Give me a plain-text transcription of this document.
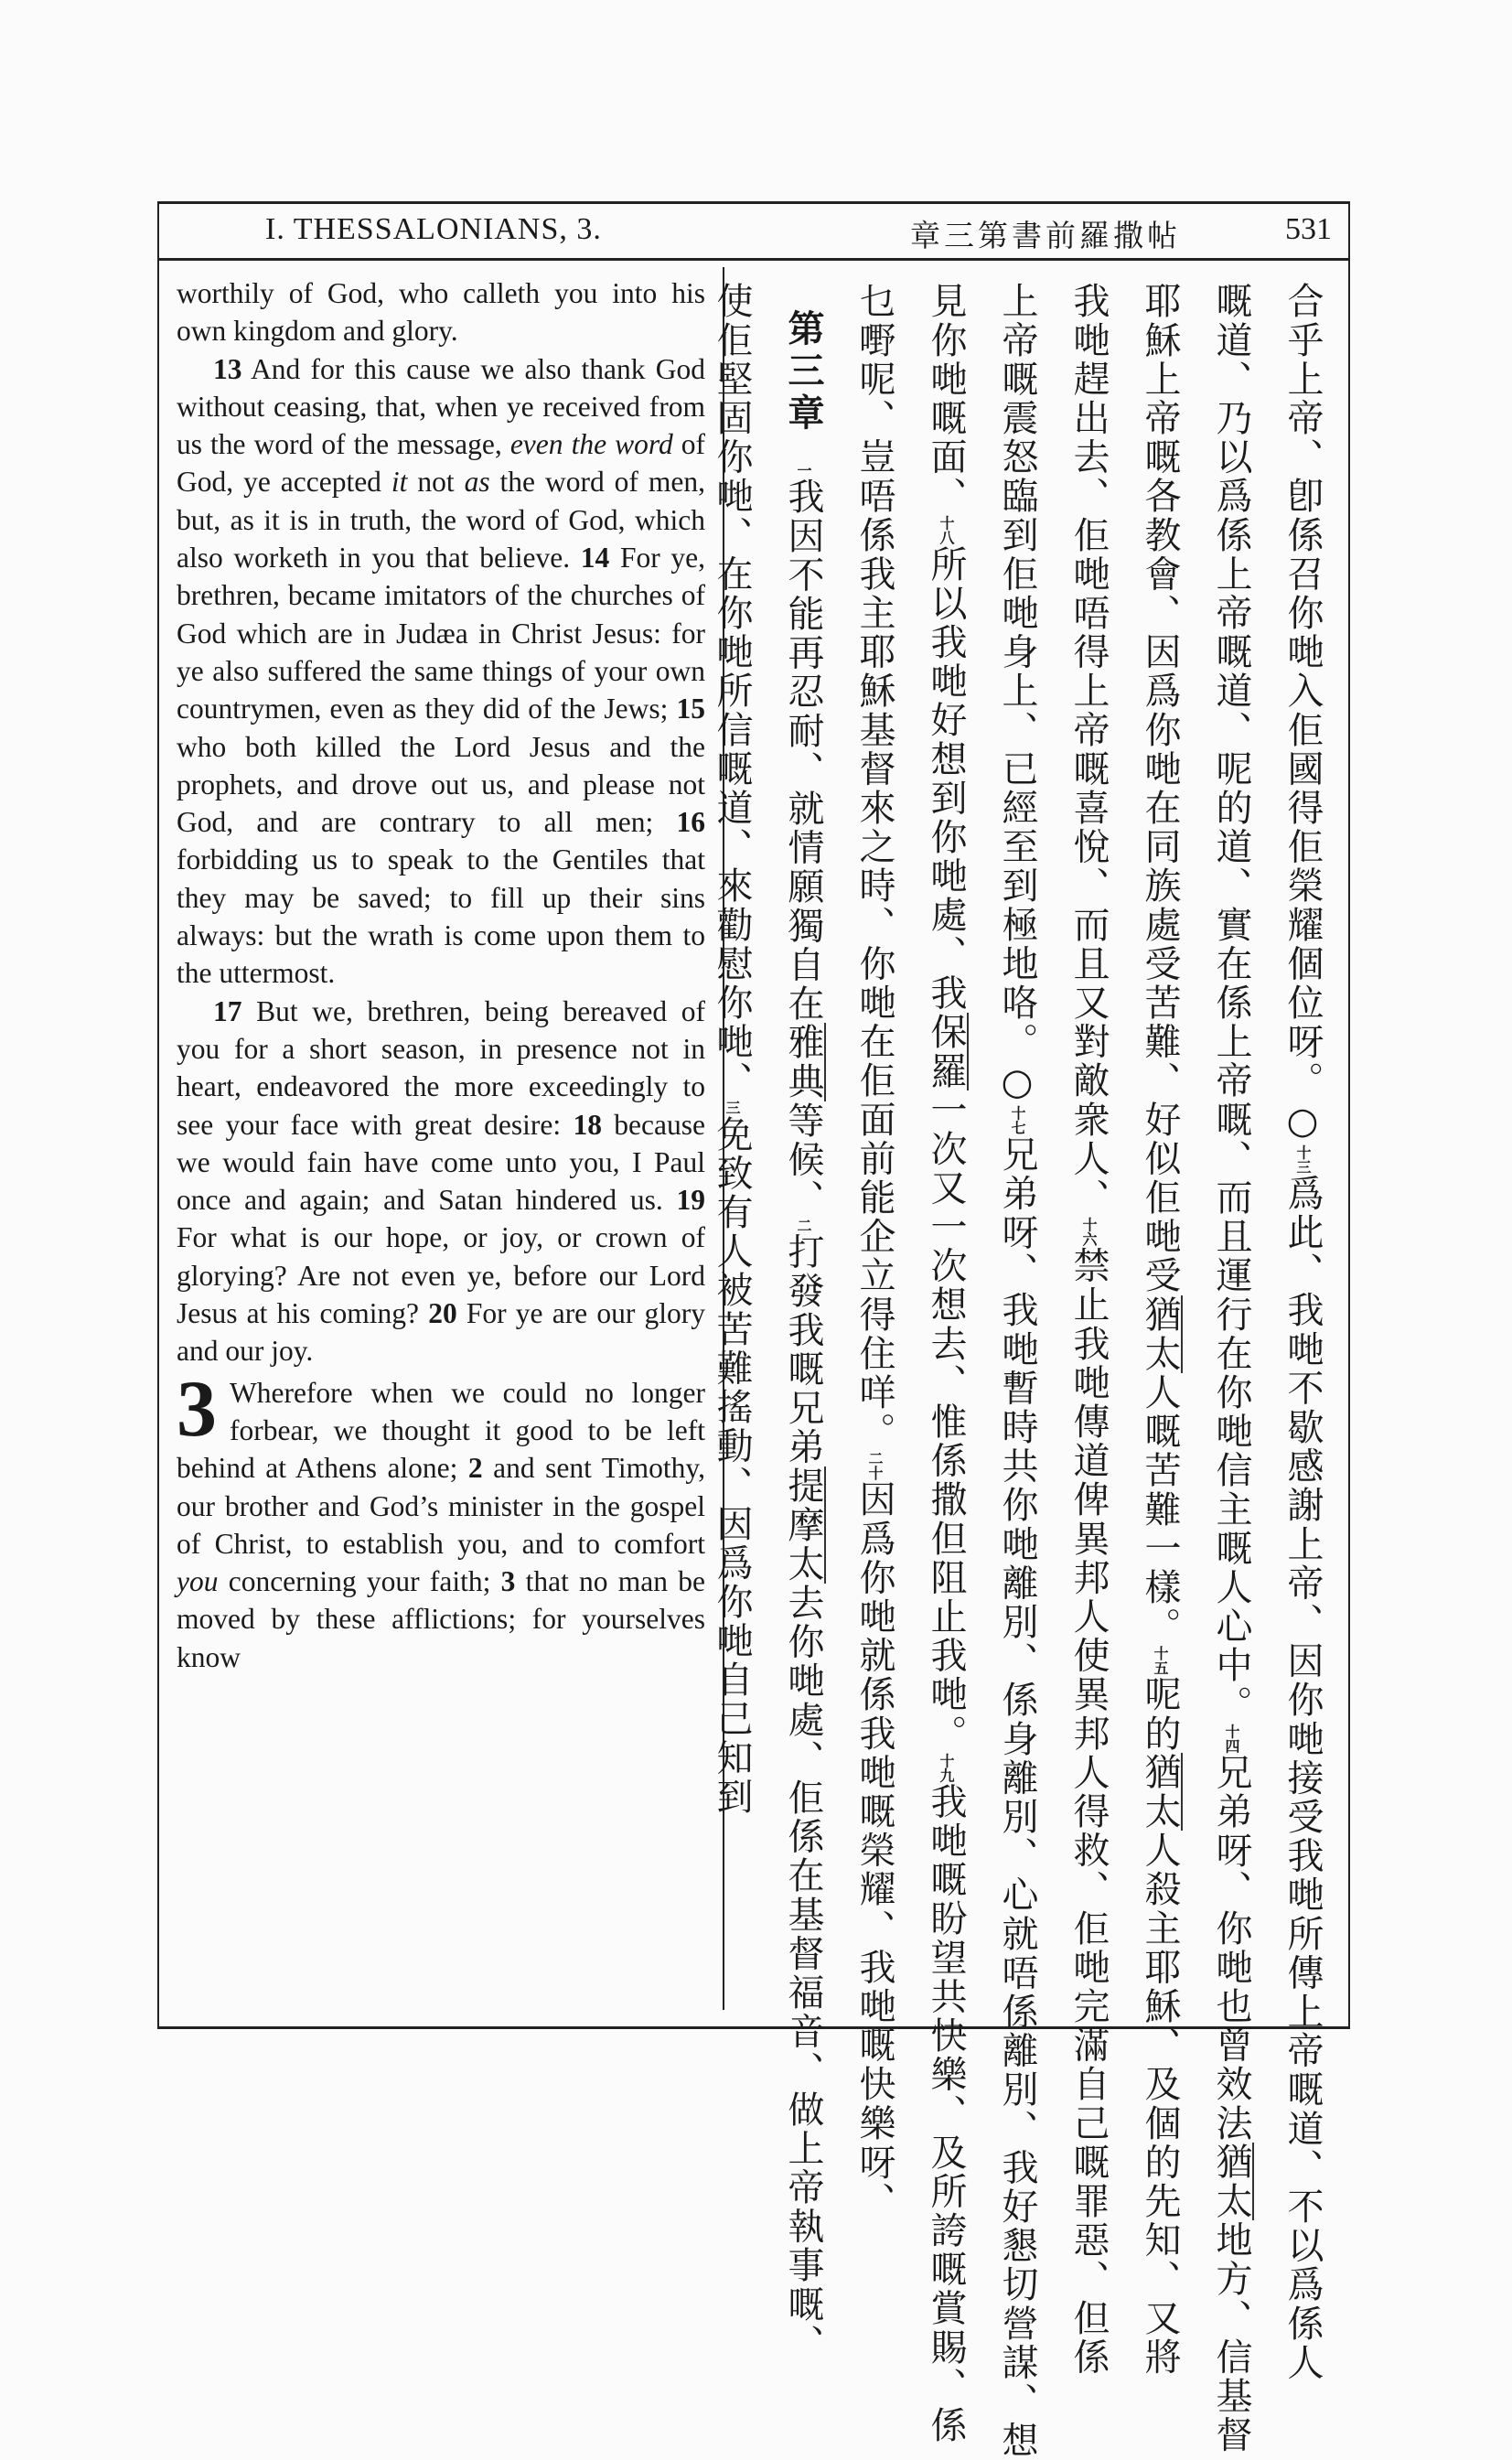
I. THESSALONIANS, 3.	章三第書前羅撒帖	531

worthily of God, who calleth you into his own kingdom and glory.

13 And for this cause we also thank God without ceasing, that, when ye received from us the word of the message, even the word of God, ye accepted it not as the word of men, but, as it is in truth, the word of God, which also worketh in you that believe. 14 For ye, brethren, became imitators of the churches of God which are in Judæa in Christ Jesus: for ye also suffered the same things of your own countrymen, even as they did of the Jews; 15 who both killed the Lord Jesus and the prophets, and drove out us, and please not God, and are contrary to all men; 16 forbidding us to speak to the Gentiles that they may be saved; to fill up their sins always: but the wrath is come upon them to the uttermost.

17 But we, brethren, being bereaved of you for a short season, in presence not in heart, endeavored the more exceedingly to see your face with great desire: 18 because we would fain have come unto you, I Paul once and again; and Satan hindered us. 19 For what is our hope, or joy, or crown of glorying? Are not even ye, before our Lord Jesus at his coming? 20 For ye are our glory and our joy.

3 Wherefore when we could no longer forbear, we thought it good to be left behind at Athens alone; 2 and sent Timothy, our brother and God’s minister in the gospel of Christ, to establish you, and to comfort you concerning your faith; 3 that no man be moved by these afflictions; for yourselves know

合乎上帝、卽係召你哋入佢國得佢榮耀個位呀。○十三爲此、我哋不歇感謝上帝、因你哋接受我哋所傳上帝嘅道、不以爲係人
嘅道、乃以爲係上帝嘅道、呢的道、實在係上帝嘅、而且運行在你哋信主嘅人心中。十四兄弟呀、你哋也曾效法猶太地方、信基督
耶穌上帝嘅各教會、因爲你哋在同族處受苦難、好似佢哋受猶太人嘅苦難一樣。十五呢的猶太人殺主耶穌、及個的先知、又將
我哋趕出去、佢哋唔得上帝嘅喜悅、而且又對敵衆人、十六禁止我哋傳道俾異邦人使異邦人得救、佢哋完滿自己嘅罪惡、但係
上帝嘅震怒臨到佢哋身上、已經至到極地咯。○十七兄弟呀、我哋暫時共你哋離別、係身離別、心就唔係離別、我好懇切營謀、想
見你哋嘅面、十八所以我哋好想到你哋處、我保羅一次又一次想去、惟係撒但阻止我哋。十九我哋嘅盼望共快樂、及所誇嘅賞賜、係
乜嘢呢、豈唔係我主耶穌基督來之時、你哋在佢面前能企立得住咩。二十因爲你哋就係我哋嘅榮耀、我哋嘅快樂呀、
第三章一我因不能再忍耐、就情願獨自在雅典等候、二打發我嘅兄弟提摩太去你哋處、佢係在基督福音、做上帝執事嘅、
使佢堅固你哋、在你哋所信嘅道、來勸慰你哋、三免致有人被苦難搖動、因爲你哋自己知到
